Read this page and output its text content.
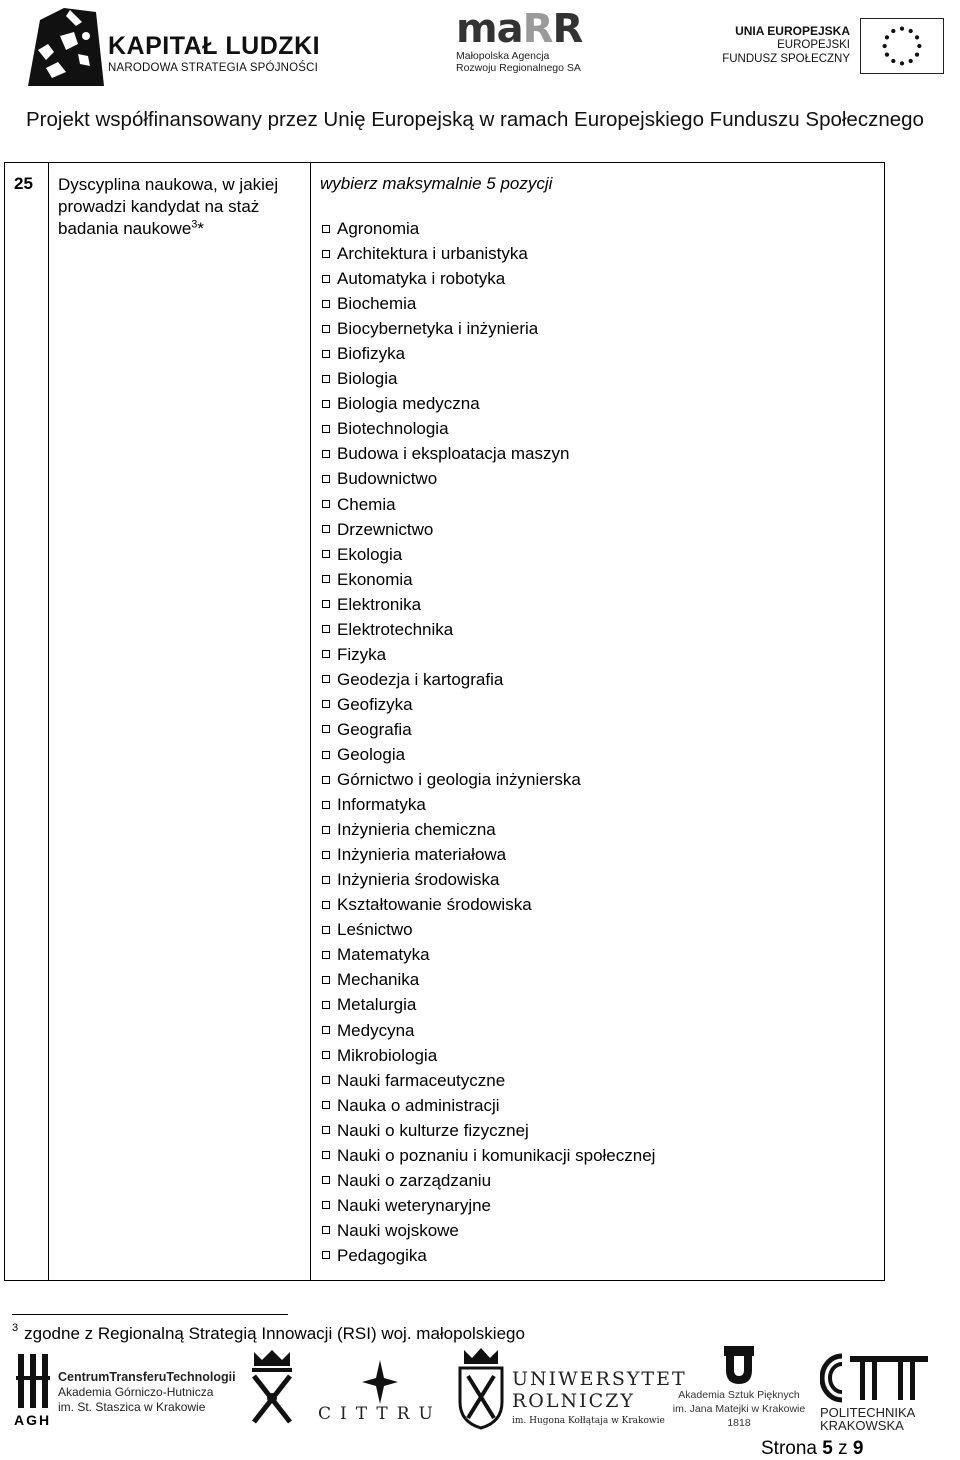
KAPITAŁ LUDZKI
NARODOWA STRATEGIA SPÓJNOŚCI
maRR
Małopolska Agencja
Rozwoju Regionalnego SA
UNIA EUROPEJSKA
EUROPEJSKI
FUNDUSZ SPOŁECZNY
Projekt współfinansowany przez Unię Europejską w ramach Europejskiego Funduszu Społecznego
25 Dyscyplina naukowa, w jakiej prowadzi kandydat na staż badania naukowe$^3$*
wybierz maksymalnie 5 pozycji
Agronomia
Architektura i urbanistyka
Automatyka i robotyka
Biochemia
Biocybernetyka i inżynieria
Biofizyka
Biologia
Biologia medyczna
Biotechnologia
Budowa i eksploatacja maszyn
Budownictwo
Chemia
Drzewnictwo
Ekologia
Ekonomia
Elektronika
Elektrotechnika
Fizyka
Geodezja i kartografia
Geofizyka
Geografia
Geologia
Górnictwo i geologia inżynierska
Informatyka
Inżynieria chemiczna
Inżynieria materiałowa
Inżynieria środowiska
Kształtowanie środowiska
Leśnictwo
Matematyka
Mechanika
Metalurgia
Medycyna
Mikrobiologia
Nauki farmaceutyczne
Nauka o administracji
Nauki o kulturze fizycznej
Nauki o poznaniu i komunikacji społecznej
Nauki o zarządzaniu
Nauki weterynaryjne
Nauki wojskowe
Pedagogika
$^3$ zgodne z Regionalną Strategią Innowacji (RSI) woj. małopolskiego
CentrumTransferuTechnologii
Akademia Górniczo-Hutnicza
im. St. Staszica w Krakowie
AGH	CITTRU
UNIWERSYTET
ROLNICZY
im. Hugona Kołłątaja w Krakowie
Akademia Sztuk Pięknych
im. Jana Matejki w Krakowie
1818
POLITECHNIKA
KRAKOWSKA
Strona 5 z 9
